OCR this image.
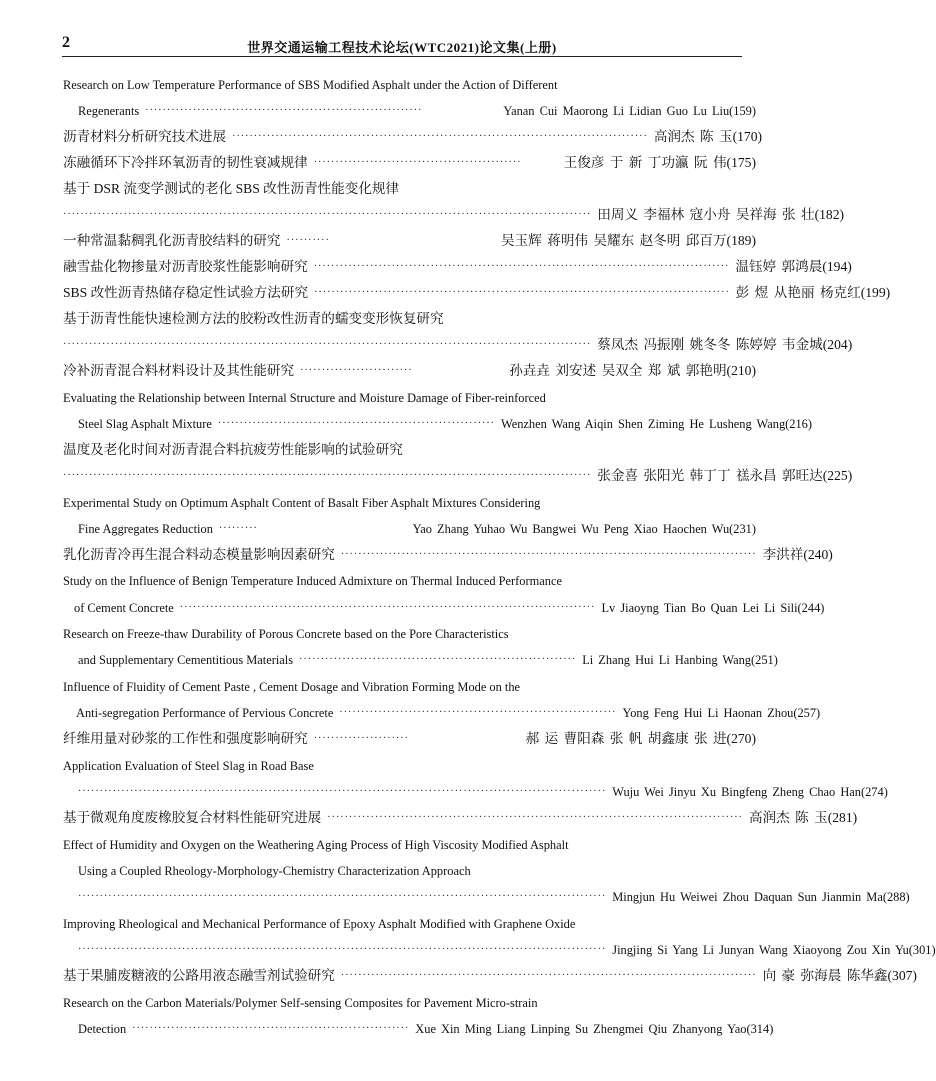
2	世界交通运输工程技术论坛(WTC2021)论文集(上册)
Research on Low Temperature Performance of SBS Modified Asphalt under the Action of Different
Regenerants ································································	Yanan Cui Maorong Li Lidian Guo Lu Liu(159)
沥青材料分析研究技术进展 ································································································ 高润杰 陈 玉(170)
冻融循环下冷拌环氧沥青的韧性衰减规律 ················································	王俊彦 于 新 丁功瀛 阮 伟(175)
基于 DSR 流变学测试的老化 SBS 改性沥青性能变化规律
·························································································································· 田周义 李福林 寇小舟 吴祥海 张 壮(182)
一种常温黏稠乳化沥青胶结料的研究 ··········	吴玉辉 蒋明伟 吴耀东 赵冬明 邱百万(189)
融雪盐化物掺量对沥青胶浆性能影响研究 ································································································ 温钰婷 郭鸿晨(194)
SBS 改性沥青热储存稳定性试验方法研究 ································································································ 彭 煜 从艳丽 杨克红(199)
基于沥青性能快速检测方法的胶粉改性沥青的蠕变变形恢复研究
·························································································································· 蔡凤杰 冯振刚 姚冬冬 陈婷婷 韦金城(204)
冷补沥青混合料材料设计及其性能研究 ··························	孙垚垚 刘安述 吴双全 郑 斌 郭艳明(210)
Evaluating the Relationship between Internal Structure and Moisture Damage of Fiber-reinforced
Steel Slag Asphalt Mixture ································································ Wenzhen Wang Aiqin Shen Ziming He Lusheng Wang(216)
温度及老化时间对沥青混合料抗疲劳性能影响的试验研究
·························································································································· 张金喜 张阳光 韩丁丁 禚永昌 郭旺达(225)
Experimental Study on Optimum Asphalt Content of Basalt Fiber Asphalt Mixtures Considering
Fine Aggregates Reduction ·········	Yao Zhang Yuhao Wu Bangwei Wu Peng Xiao Haochen Wu(231)
乳化沥青冷再生混合料动态模量影响因素研究 ································································································ 李洪祥(240)
Study on the Influence of Benign Temperature Induced Admixture on Thermal Induced Performance
of Cement Concrete ································································································ Lv Jiaoyng Tian Bo Quan Lei Li Sili(244)
Research on Freeze-thaw Durability of Porous Concrete based on the Pore Characteristics
and Supplementary Cementitious Materials ································································ Li Zhang Hui Li Hanbing Wang(251)
Influence of Fluidity of Cement Paste , Cement Dosage and Vibration Forming Mode on the
Anti-segregation Performance of Pervious Concrete ································································ Yong Feng Hui Li Haonan Zhou(257)
纤维用量对砂浆的工作性和强度影响研究 ······················	郝 运 曹阳森 张 帆 胡鑫康 张 进(270)
Application Evaluation of Steel Slag in Road Base
·························································································································· Wuju Wei Jinyu Xu Bingfeng Zheng Chao Han(274)
基于微观角度废橡胶复合材料性能研究进展 ································································································ 高润杰 陈 玉(281)
Effect of Humidity and Oxygen on the Weathering Aging Process of High Viscosity Modified Asphalt
Using a Coupled Rheology-Morphology-Chemistry Characterization Approach
·························································································································· Mingjun Hu Weiwei Zhou Daquan Sun Jianmin Ma(288)
Improving Rheological and Mechanical Performance of Epoxy Asphalt Modified with Graphene Oxide
·························································································································· Jingjing Si Yang Li Junyan Wang Xiaoyong Zou Xin Yu(301)
基于果脯废糖液的公路用液态融雪剂试验研究 ································································································ 向 豪 弥海晨 陈华鑫(307)
Research on the Carbon Materials/Polymer Self-sensing Composites for Pavement Micro-strain
Detection ································································ Xue Xin Ming Liang Linping Su Zhengmei Qiu Zhanyong Yao(314)
